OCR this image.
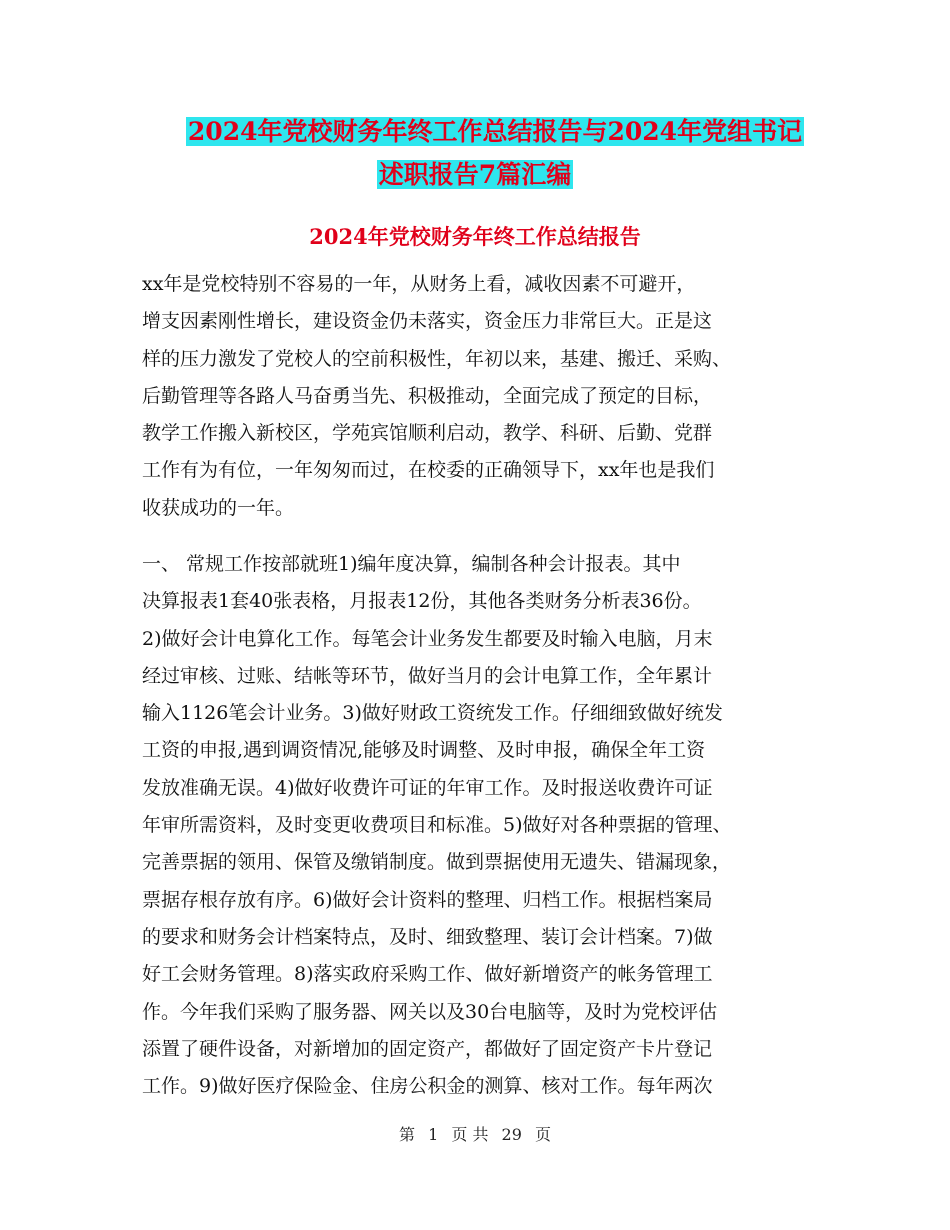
2024年党校财务年终工作总结报告与2024年党组书记
述职报告7篇汇编
2024年党校财务年终工作总结报告
xx年是党校特别不容易的一年，从财务上看，减收因素不可避开，
增支因素刚性增长，建设资金仍未落实，资金压力非常巨大。正是这
样的压力激发了党校人的空前积极性，年初以来，基建、搬迁、采购、
后勤管理等各路人马奋勇当先、积极推动，全面完成了预定的目标，
教学工作搬入新校区，学苑宾馆顺利启动，教学、科研、后勤、党群
工作有为有位，一年匆匆而过，在校委的正确领导下，xx年也是我们
收获成功的一年。
一、 常规工作按部就班1)编年度决算，编制各种会计报表。其中
决算报表1套40张表格，月报表12份，其他各类财务分析表36份。
2)做好会计电算化工作。每笔会计业务发生都要及时输入电脑，月末
经过审核、过账、结帐等环节，做好当月的会计电算工作，全年累计
输入1126笔会计业务。3)做好财政工资统发工作。仔细细致做好统发
工资的申报,遇到调资情况,能够及时调整、及时申报，确保全年工资
发放准确无误。4)做好收费许可证的年审工作。及时报送收费许可证
年审所需资料，及时变更收费项目和标准。5)做好对各种票据的管理、
完善票据的领用、保管及缴销制度。做到票据使用无遗失、错漏现象，
票据存根存放有序。6)做好会计资料的整理、归档工作。根据档案局
的要求和财务会计档案特点，及时、细致整理、装订会计档案。7)做
好工会财务管理。8)落实政府采购工作、做好新增资产的帐务管理工
作。今年我们采购了服务器、网关以及30台电脑等，及时为党校评估
添置了硬件设备，对新增加的固定资产，都做好了固定资产卡片登记
工作。9)做好医疗保险金、住房公积金的测算、核对工作。每年两次
第 1 页 共 29 页
